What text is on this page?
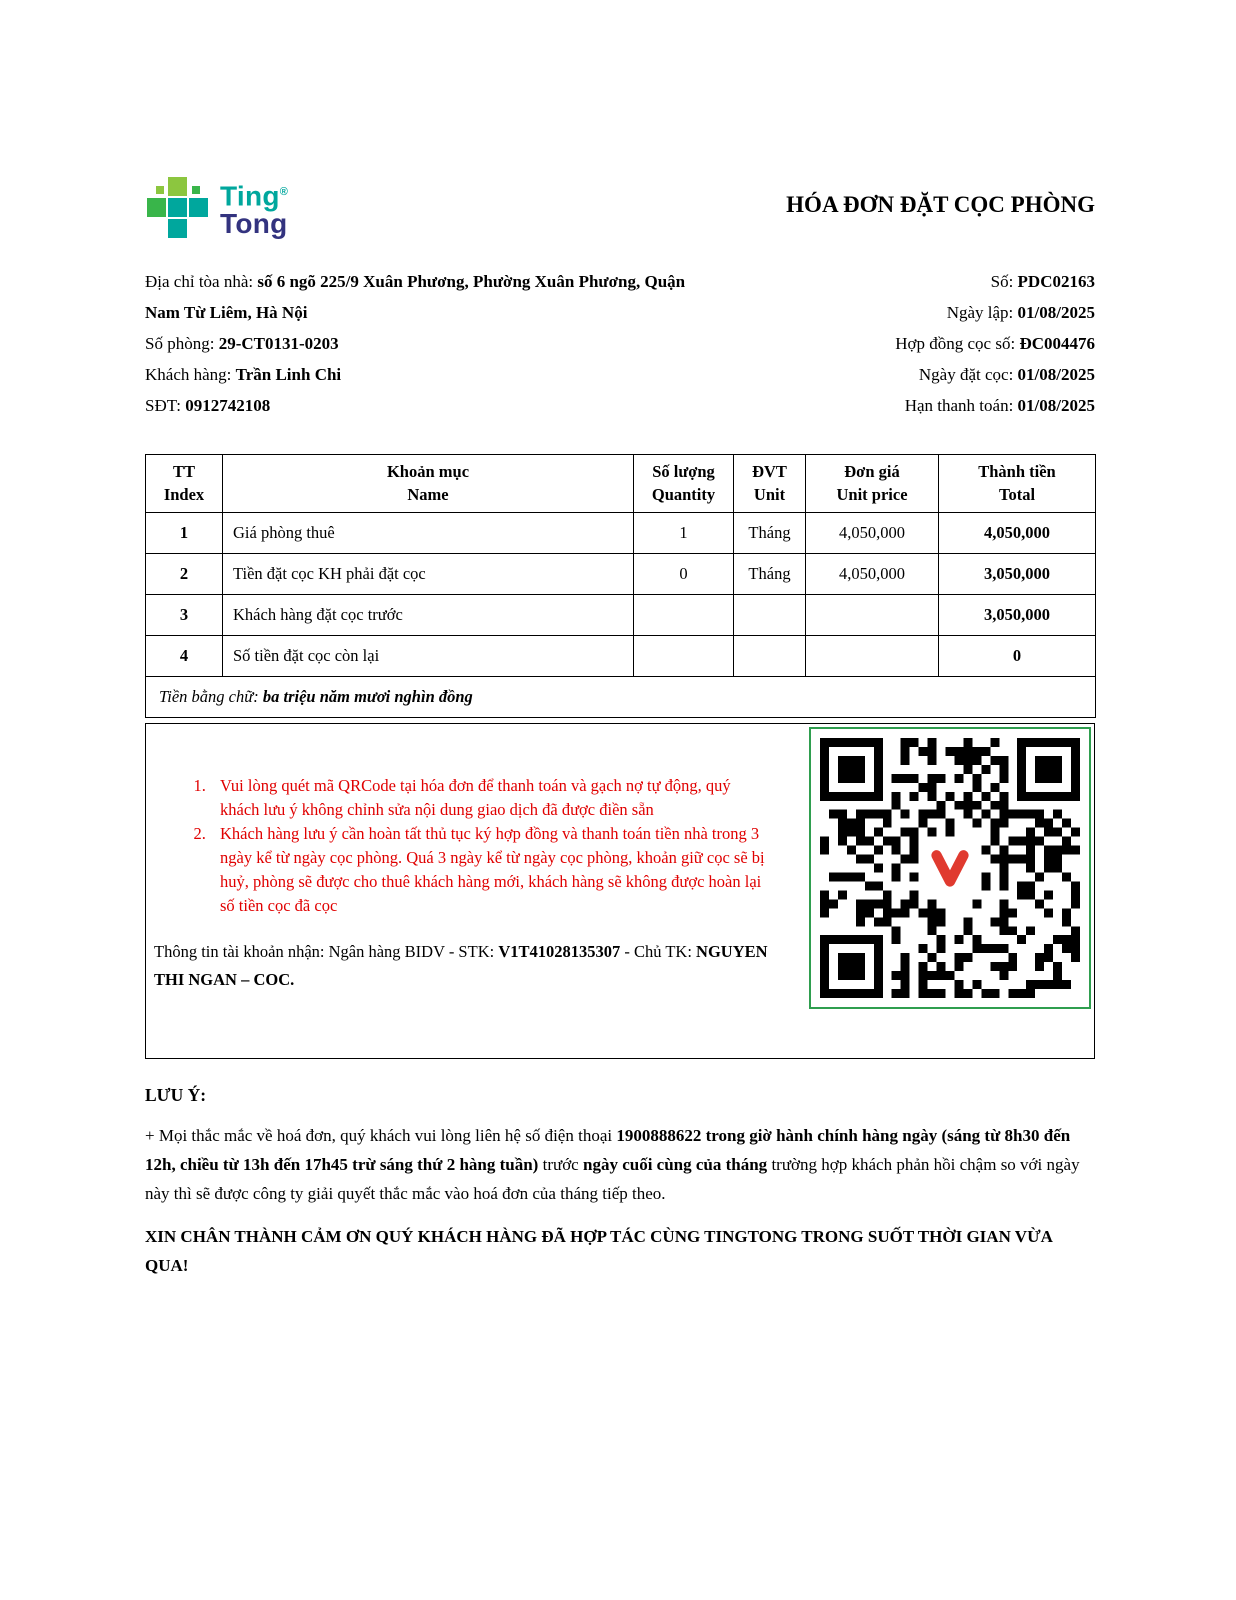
Ting®
Tong
HÓA ĐƠN ĐẶT CỌC PHÒNG
Địa chỉ tòa nhà: số 6 ngõ 225/9 Xuân Phương, Phường Xuân Phương, Quận Nam Từ Liêm, Hà Nội
Số phòng: 29-CT0131-0203
Khách hàng: Trần Linh Chi
SĐT: 0912742108
Số: PDC02163
Ngày lập: 01/08/2025
Hợp đồng cọc số: ĐC004476
Ngày đặt cọc: 01/08/2025
Hạn thanh toán: 01/08/2025
TT
Index

Khoản mục
Name

Số lượng
Quantity

ĐVT
Unit

Đơn giá
Unit price

Thành tiền
Total

1	Giá phòng thuê	1	Tháng	4,050,000	4,050,000
2	Tiền đặt cọc KH phải đặt cọc	0	Tháng	4,050,000	3,050,000
3	Khách hàng đặt cọc trước				3,050,000
4	Số tiền đặt cọc còn lại				0
Tiền bằng chữ: ba triệu năm mươi nghìn đồng					
1. Vui lòng quét mã QRCode tại hóa đơn để thanh toán và gạch nợ tự động, quý khách lưu ý không chỉnh sửa nội dung giao dịch đã được điền sẵn
2. Khách hàng lưu ý cần hoàn tất thủ tục ký hợp đồng và thanh toán tiền nhà trong 3 ngày kể từ ngày cọc phòng. Quá 3 ngày kể từ ngày cọc phòng, khoản giữ cọc sẽ bị huỷ, phòng sẽ được cho thuê khách hàng mới, khách hàng sẽ không được hoàn lại số tiền cọc đã cọc
Thông tin tài khoản nhận: Ngân hàng BIDV - STK: V1T41028135307 - Chủ TK: NGUYEN THI NGAN – COC.
LƯU Ý:
+ Mọi thắc mắc về hoá đơn, quý khách vui lòng liên hệ số điện thoại 1900888622 trong giờ hành chính hàng ngày (sáng từ 8h30 đến 12h, chiều từ 13h đến 17h45 trừ sáng thứ 2 hàng tuần) trước ngày cuối cùng của tháng trường hợp khách phản hồi chậm so với ngày này thì sẽ được công ty giải quyết thắc mắc vào hoá đơn của tháng tiếp theo.
XIN CHÂN THÀNH CẢM ƠN QUÝ KHÁCH HÀNG ĐÃ HỢP TÁC CÙNG TINGTONG TRONG SUỐT THỜI GIAN VỪA QUA!
